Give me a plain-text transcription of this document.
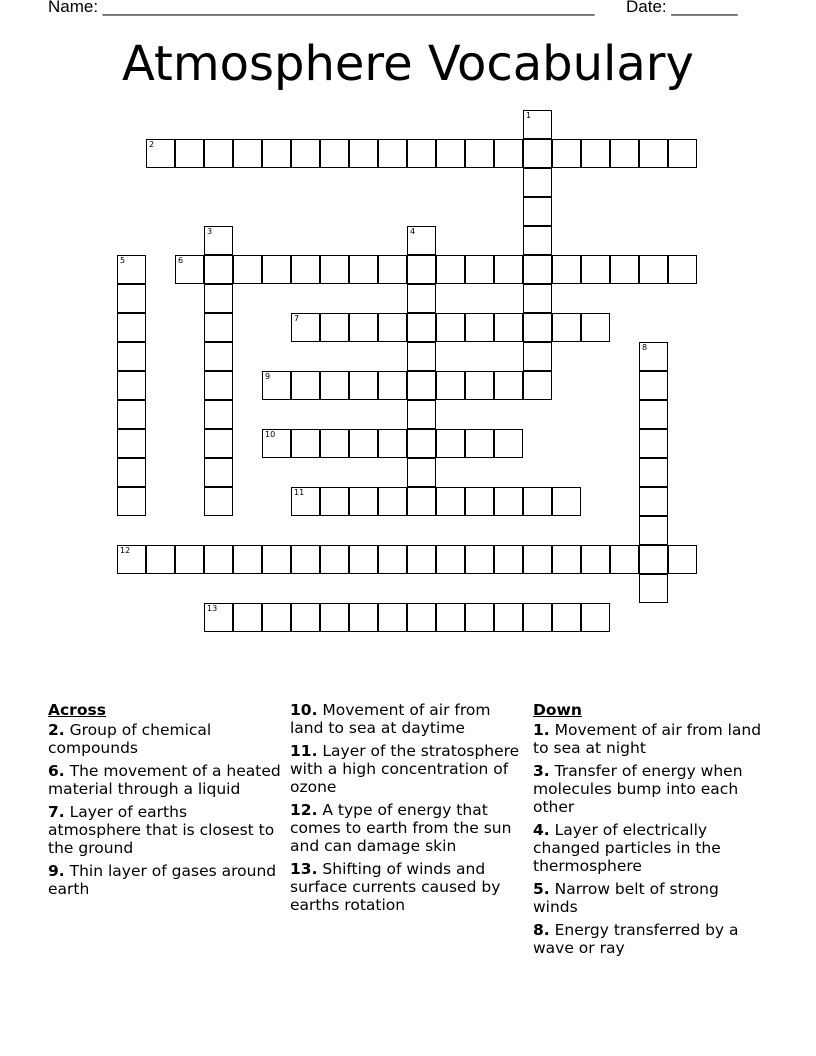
Name: ____________________________________________________ Date: _______
Atmosphere Vocabulary
1
2
3	4
5	6
7
8
9
10
11
12
13
Across
2. Group of chemical compounds
6. The movement of a heated material through a liquid
7. Layer of earths atmosphere that is closest to the ground
9. Thin layer of gases around earth
10. Movement of air from land to sea at daytime
11. Layer of the stratosphere with a high concentration of ozone
12. A type of energy that comes to earth from the sun and can damage skin
13. Shifting of winds and surface currents caused by earths rotation
Down
1. Movement of air from land to sea at night
3. Transfer of energy when molecules bump into each other
4. Layer of electrically changed particles in the thermosphere
5. Narrow belt of strong winds
8. Energy transferred by a wave or ray
